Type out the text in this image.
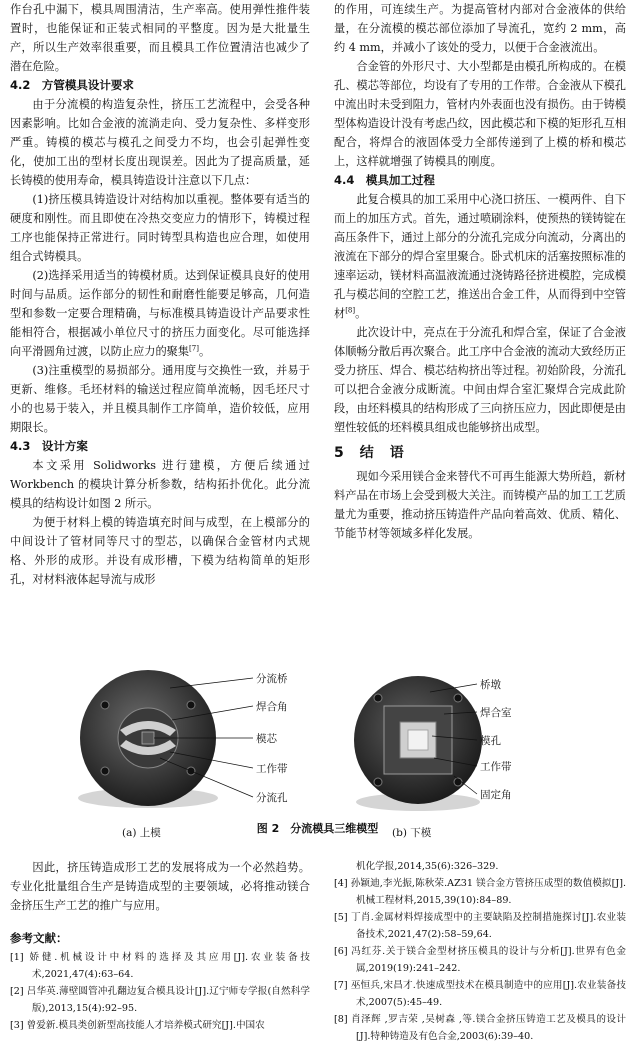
作台孔中漏下，模具周围清洁，生产率高。使用弹性推件装置时，也能保证和正装式相同的平整度。因为是大批量生产，所以生产效率很重要，而且模具工作位置清洁也减少了潜在危险。

4.2　方管模具设计要求

由于分流模的构造复杂性，挤压工艺流程中，会受各种因素影响。比如合金液的流淌走向、受力复杂性、多样变形严重。铸模的模芯与模孔之间受力不均，也会引起弹性变化，使加工出的型材长度出现误差。因此为了提高质量，延长铸模的使用寿命，模具铸造设计注意以下几点：

(1)挤压模具铸造设计对结构加以重视。整体要有适当的硬度和刚性。而且即使在冷热交变应力的情形下，铸模过程工序也能保持正常进行。同时铸型具构造也应合理，如使用组合式铸模具。

(2)选择采用适当的铸模材质。达到保证模具良好的使用时间与品质。运作部分的韧性和耐磨性能要足够高，几何造型和参数一定要合理精确，与标准模具铸造设计产品要求性能相符合，根据减小单位尺寸的挤压力面变化。尽可能选择向平滑圆角过渡，以防止应力的聚集[7]。

(3)注重模型的易损部分。通用度与交换性一致，并易于更新、维修。毛坯材料的输送过程应简单流畅，因毛坯尺寸小的也易于装入，并且模具制作工序简单，造价较低，应用期限长。

4.3　设计方案

本文采用 Solidworks 进行建模，方便后续通过 Workbench 的模块计算分析参数，结构拓扑优化。此分流模具的结构设计如图 2 所示。

为便于材料上模的铸造填充时间与成型，在上模部分的中间设计了管材同等尺寸的型芯，以确保合金管材内式规格、外形的成形。并设有成形槽，下模为结构简单的矩形孔，对材料液体起导流与成形

的作用，可连续生产。为提高管材内部对合金液体的供给量，在分流模的模芯部位添加了导流孔，宽约 2 mm，高约 4 mm，并减小了该处的受力，以便于合金液流出。

合金管的外形尺寸、大小型都是由模孔所构成的。在模孔、模芯等部位，均设有了专用的工作带。合金液从下模孔中流出时未受到阻力，管材内外表面也没有损伤。由于铸模型体构造设计没有考虑凸纹，因此模芯和下模的矩形孔互相配合，将焊合的液固体受力全部传递到了上模的桥和模芯上，这样就增强了铸模具的刚度。

4.4　模具加工过程

此复合模具的加工采用中心浇口挤压、一模两件、自下而上的加压方式。首先，通过喷刷涂料，使预热的镁铸锭在高压条件下，通过上部分的分流孔完成分向流动，分离出的液流在下部分的焊合室里聚合。卧式机床的活塞按照标准的速率运动，镁材料高温液流通过浇铸路径挤进模腔，完成模孔与模芯间的空腔工艺，推送出合金工件，从而得到中空管材[8]。

此次设计中，亮点在于分流孔和焊合室，保证了合金液体顺畅分散后再次聚合。此工序中合金液的流动大致经历正受力挤压、焊合、模芯结构挤出等过程。初始阶段，分流孔可以把合金液分成断流。中间由焊合室汇聚焊合完成此阶段，由坯料模具的结构形成了三向挤压应力，因此即便是由塑性较低的坯料模具组成也能够挤出成型。

5　结　语

现如今采用镁合金来替代不可再生能源大势所趋，新材料产品在市场上会受到极大关注。而铸模产品的加工工艺质量尤为重要，推动挤压铸造件产品向着高效、优质、精化、节能节材等领域多样化发展。

分流桥
焊合角
模芯
工作带
分流孔
(a) 上模
桥墩
焊合室
模孔
工作带
固定角
(b) 下模
图 2　分流模具三维模型

因此，挤压铸造成形工艺的发展将成为一个必然趋势。专业化批量组合生产是铸造成型的主要领域，必将推动镁合金挤压生产工艺的推广与应用。

参考文献：
[1] 娇健.机械设计中材料的选择及其应用[J].农业装备技术,2021,47(4):63–64.
[2] 吕华英.薄壁圆管冲孔翻边复合模具设计[J].辽宁师专学报(自然科学版),2013,15(4):92–95.
[3] 曾爱新.模具类创新型高技能人才培养模式研究[J].中国农
机化学报,2014,35(6):326–329.
[4] 孙颖迪,李光振,陈秋荣.AZ31 镁合金方管挤压成型的数值模拟[J].机械工程材料,2015,39(10):84–89.
[5] 丁肖.金属材料焊接成型中的主要缺陷及控制措施探讨[J].农业装备技术,2021,47(2):58–59,64.
[6] 冯红芬.关于镁合金型材挤压模具的设计与分析[J].世界有色金属,2019(19):241–242.
[7] 巫恒兵,宋昌才.快速成型技术在模具制造中的应用[J].农业装备技术,2007(5):45–49.
[8] 肖泽辉 ,罗吉荣 ,吴树森 ,等.镁合金挤压铸造工艺及模具的设计[J].特种铸造及有色合金,2003(6):39–40.
